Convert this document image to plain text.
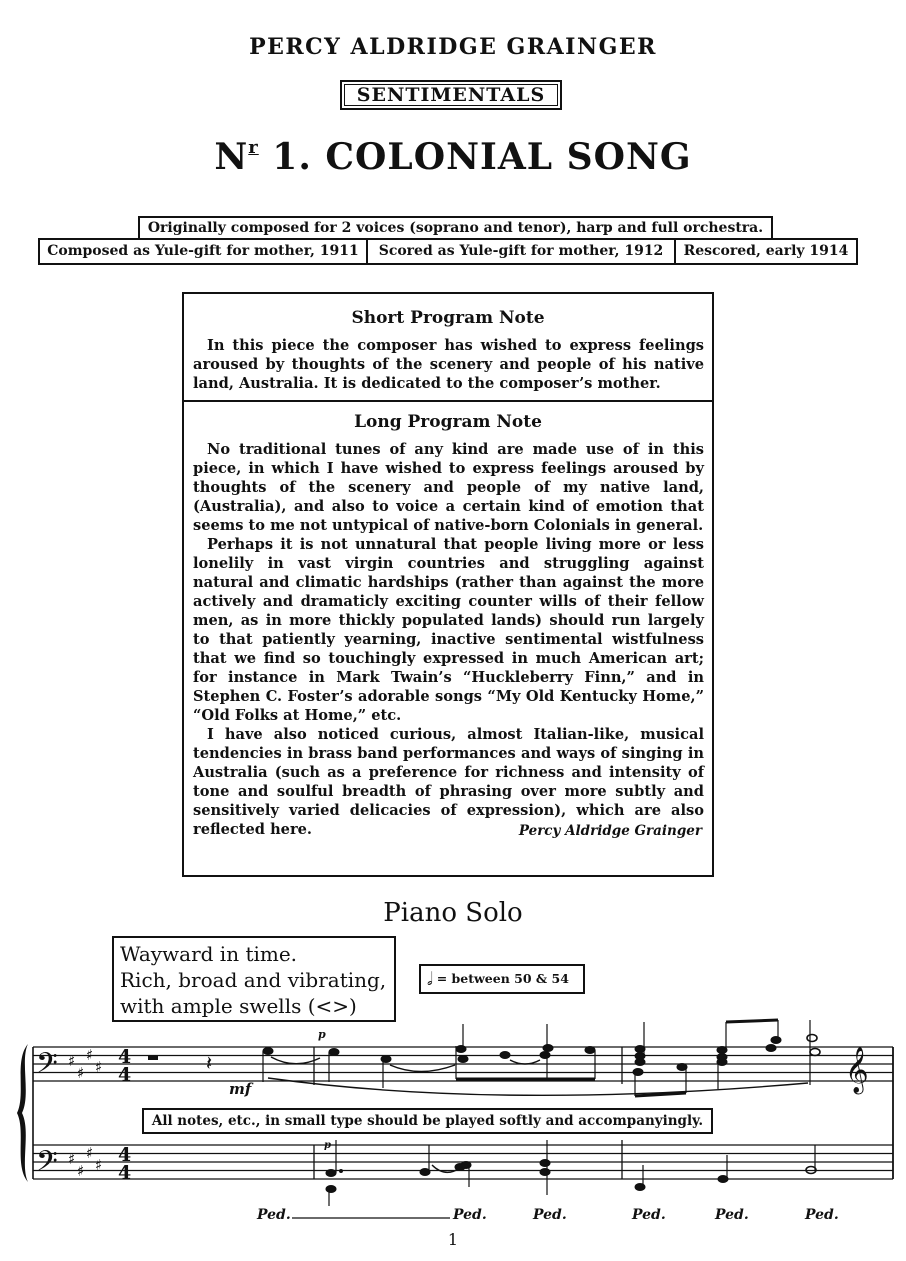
PERCY ALDRIDGE GRAINGER
SENTIMENTALS
$N^r$ 1. COLONIAL SONG
Originally composed for 2 voices (soprano and tenor), harp and full orchestra.
Composed as Yule-gift for mother, 1911	Scored as Yule-gift for mother, 1912	Rescored, early 1914
Short Program Note

In this piece the composer has wished to express feelings aroused by thoughts of the scenery and people of his native land, Australia. It is dedicated to the composer’s mother.

Long Program Note

No traditional tunes of any kind are made use of in this piece, in which I have wished to express feelings aroused by thoughts of the scenery and people of my native land, (Australia), and also to voice a certain kind of emotion that seems to me not untypical of native-born Colonials in general.

Perhaps it is not unnatural that people living more or less lonelily in vast virgin countries and struggling against natural and climatic hardships (rather than against the more actively and dramaticly exciting counter wills of their fellow men, as in more thickly populated lands) should run largely to that patiently yearning, inactive sentimental wistfulness that we find so touchingly expressed in much American art; for instance in Mark Twain’s “Huckleberry Finn,” and in Stephen C. Foster’s adorable songs “My Old Kentucky Home,” “Old Folks at Home,” etc.

I have also noticed curious, almost Italian-like, musical tendencies in brass band performances and ways of singing in Australia (such as a preference for richness and intensity of tone and soulful breadth of phrasing over more subtly and sensitively varied delicacies of expression), which are also reflected here.	Percy Aldridge Grainger
Piano Solo
Wayward in time.
Rich, broad and vibrating,
with ample swells (<>)
𝅗𝅥 = between 50 & 54
𝄢
𝄢
♯
♯
♯
♯
♯
♯
♯
♯
4
4
4
4
𝄽	𝄞
mf
p
p
Ped.	Ped.	Ped.	Ped.	Ped.	Ped.
All notes, etc., in small type should be played softly and accompanyingly.
1
